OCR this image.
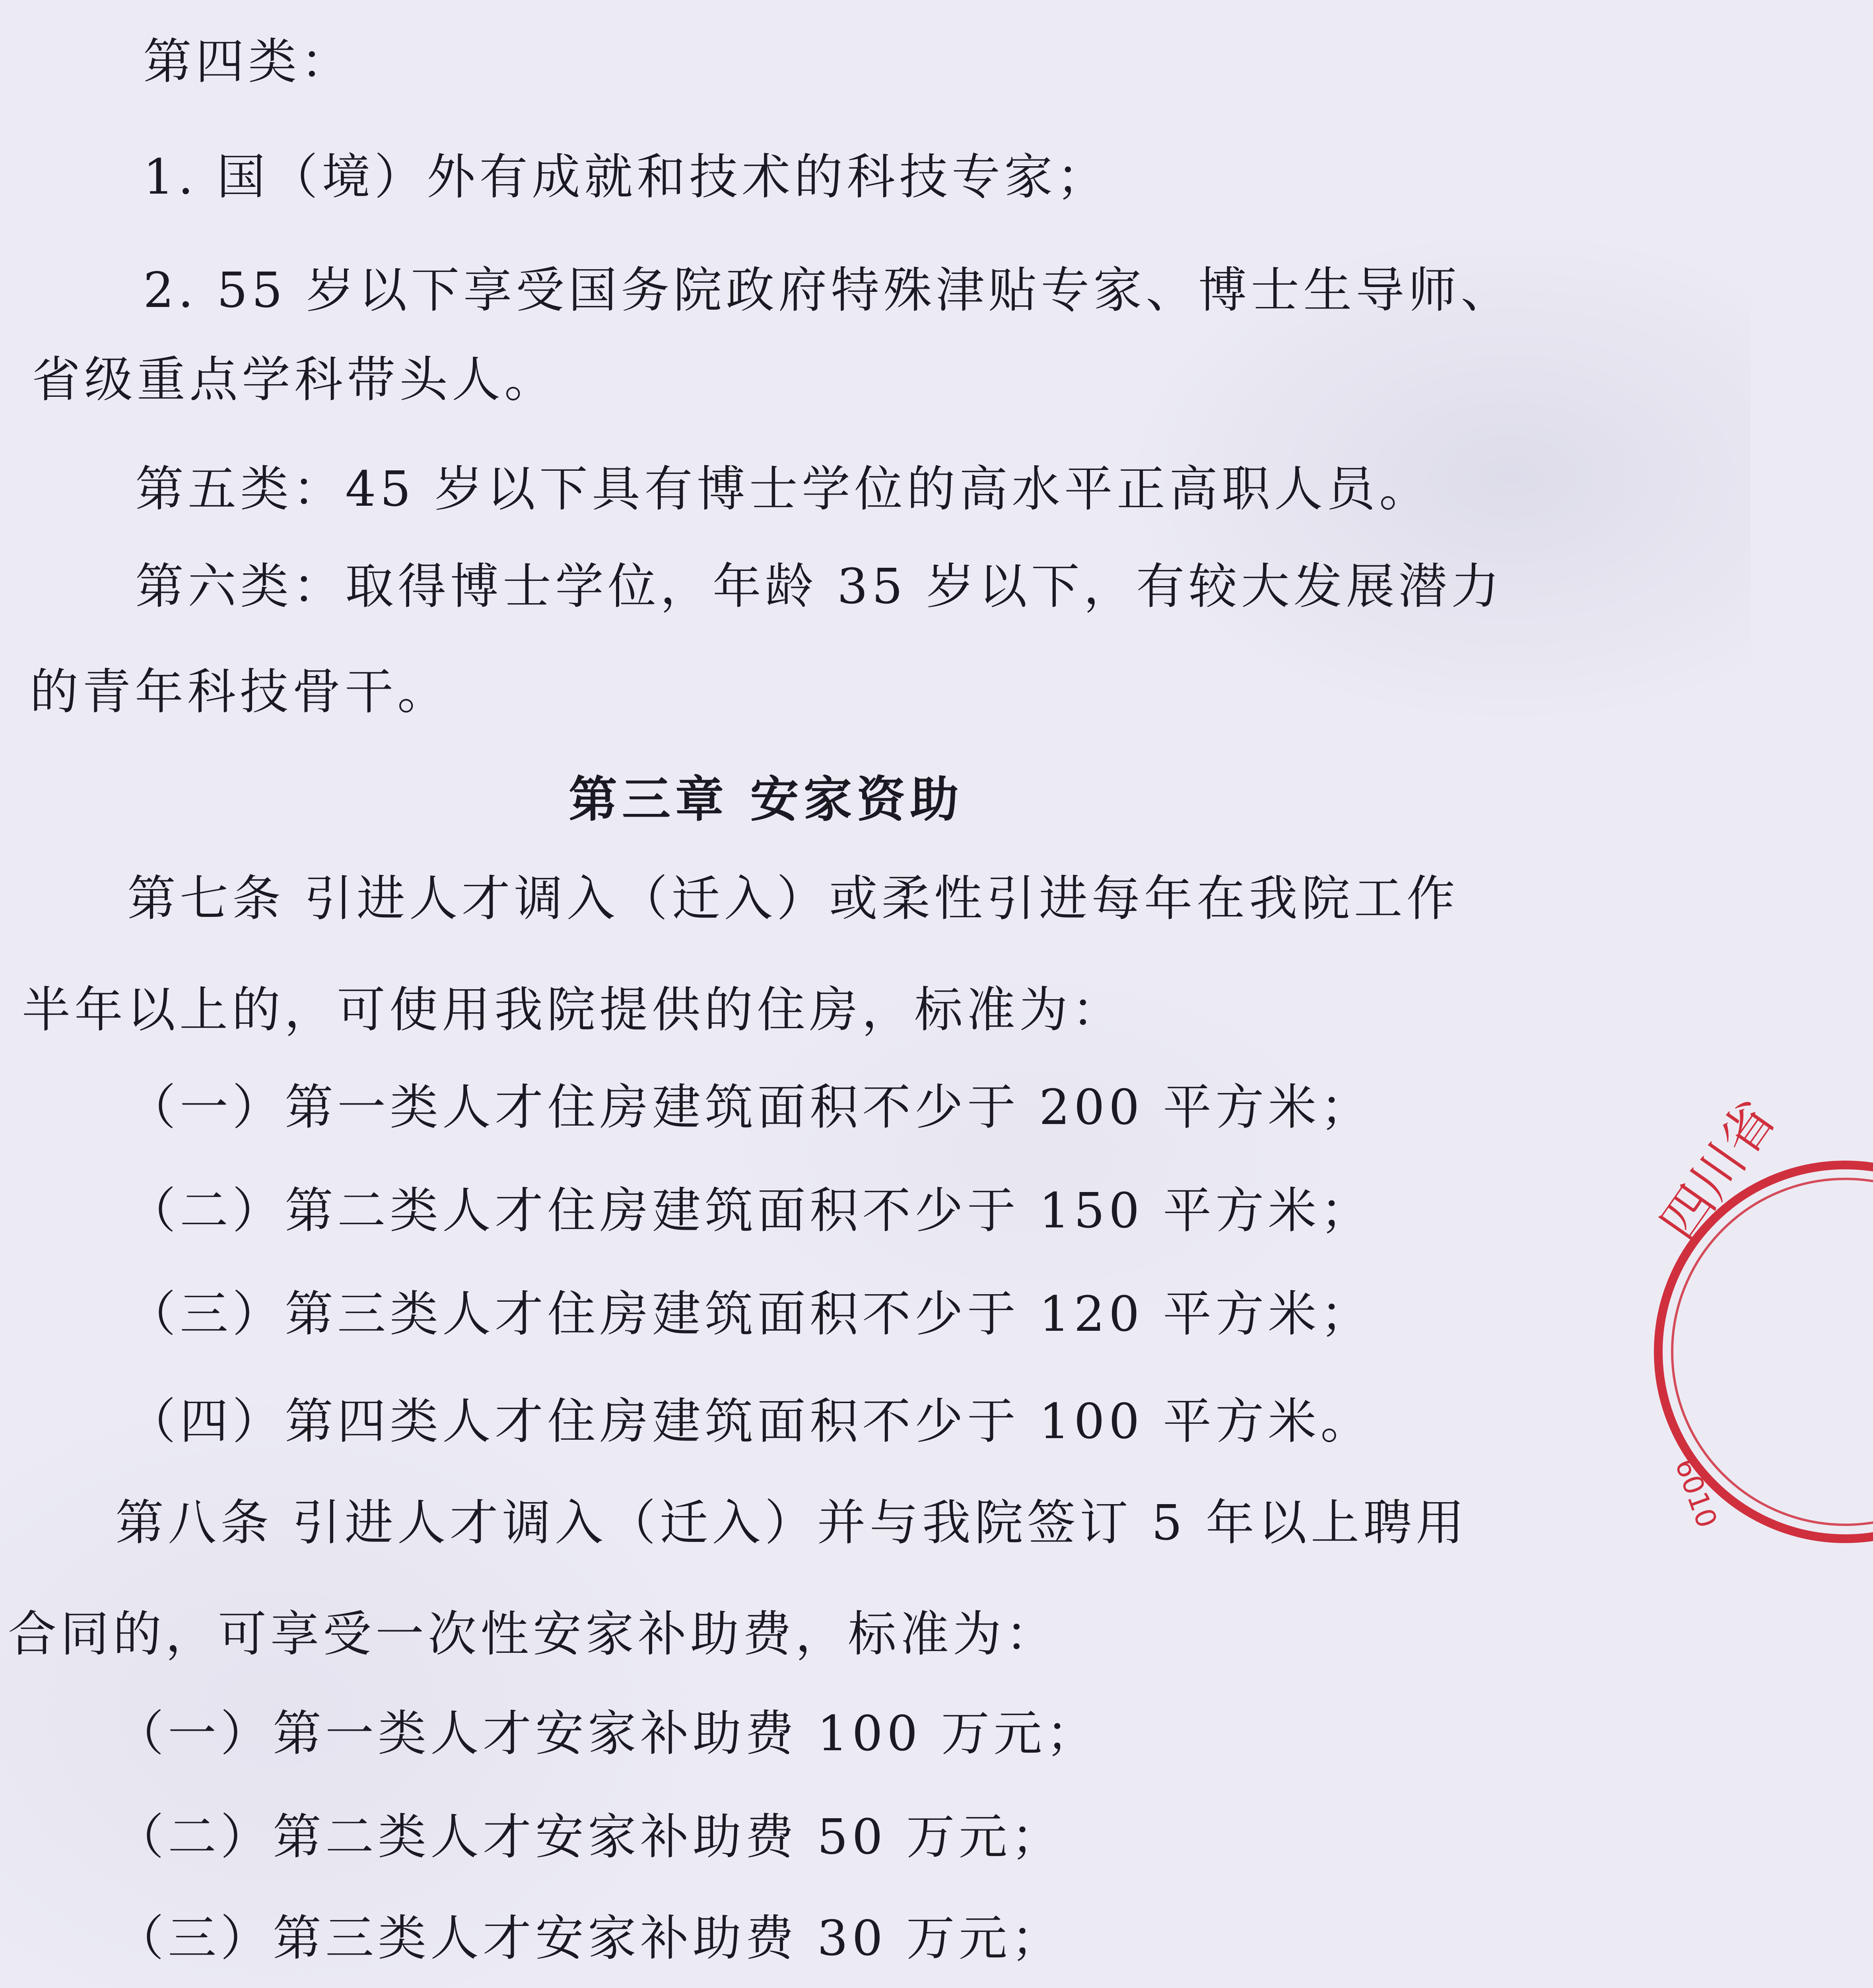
第四类：
1. 国（境）外有成就和技术的科技专家；
2. 55 岁以下享受国务院政府特殊津贴专家、博士生导师、
省级重点学科带头人。
第五类：45 岁以下具有博士学位的高水平正高职人员。
第六类：取得博士学位，年龄 35 岁以下，有较大发展潜力
的青年科技骨干。
第三章 安家资助
第七条 引进人才调入（迁入）或柔性引进每年在我院工作
半年以上的，可使用我院提供的住房，标准为：
（一）第一类人才住房建筑面积不少于 200 平方米；
（二）第二类人才住房建筑面积不少于 150 平方米；
（三）第三类人才住房建筑面积不少于 120 平方米；
（四）第四类人才住房建筑面积不少于 100 平方米。
第八条 引进人才调入（迁入）并与我院签订 5 年以上聘用
合同的，可享受一次性安家补助费，标准为：
（一）第一类人才安家补助费 100 万元；
（二）第二类人才安家补助费 50 万元；
（三）第三类人才安家补助费 30 万元；
四川省
6010
